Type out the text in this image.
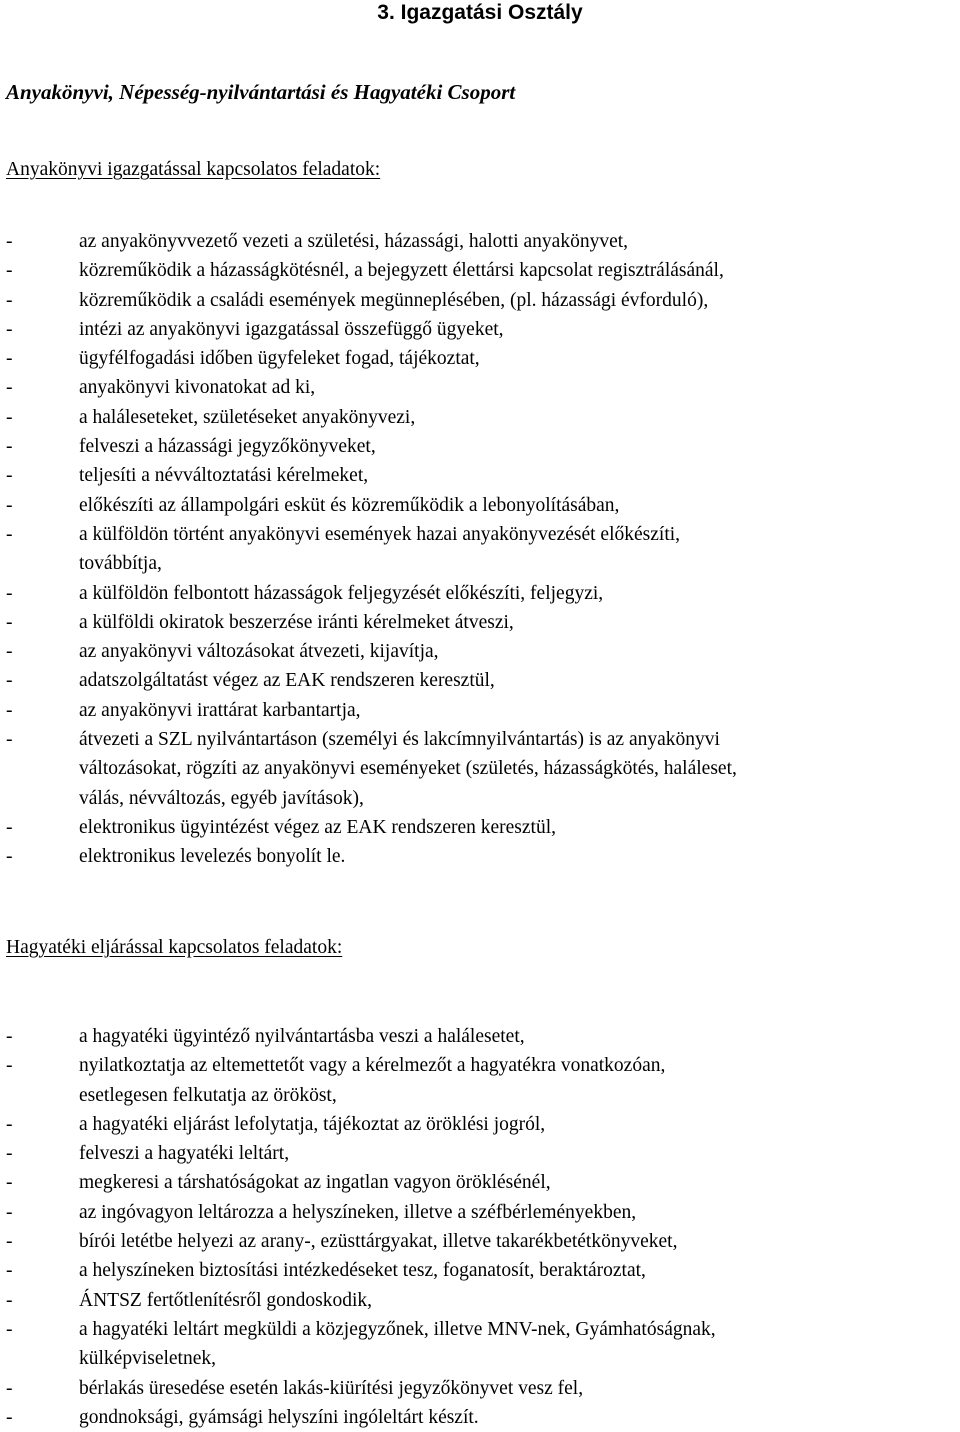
3. Igazgatási Osztály
Anyakönyvi, Népesség-nyilvántartási és Hagyatéki Csoport
Anyakönyvi igazgatással kapcsolatos feladatok:
-	az anyakönyvvezető vezeti a születési, házassági, halotti anyakönyvet,
-	közreműködik a házasságkötésnél, a bejegyzett élettársi kapcsolat regisztrálásánál,
-	közreműködik a családi események megünneplésében, (pl. házassági évforduló),
-	intézi az anyakönyvi igazgatással összefüggő ügyeket,
-	ügyfélfogadási időben ügyfeleket fogad, tájékoztat,
-	anyakönyvi kivonatokat ad ki,
-	a haláleseteket, születéseket anyakönyvezi,
-	felveszi a házassági jegyzőkönyveket,
-	teljesíti a névváltoztatási kérelmeket,
-	előkészíti az állampolgári esküt és közreműködik a lebonyolításában,
-	a külföldön történt anyakönyvi események hazai anyakönyvezését előkészíti,
továbbítja,
-	a külföldön felbontott házasságok feljegyzését előkészíti, feljegyzi,
-	a külföldi okiratok beszerzése iránti kérelmeket átveszi,
-	az anyakönyvi változásokat átvezeti, kijavítja,
-	adatszolgáltatást végez az EAK rendszeren keresztül,
-	az anyakönyvi irattárat karbantartja,
-	átvezeti a SZL nyilvántartáson (személyi és lakcímnyilvántartás) is az anyakönyvi
változásokat, rögzíti az anyakönyvi eseményeket (születés, házasságkötés, haláleset,
válás, névváltozás, egyéb javítások),
-	elektronikus ügyintézést végez az EAK rendszeren keresztül,
-	elektronikus levelezés bonyolít le.
Hagyatéki eljárással kapcsolatos feladatok:
-	a hagyatéki ügyintéző nyilvántartásba veszi a halálesetet,
-	nyilatkoztatja az eltemettetőt vagy a kérelmezőt a hagyatékra vonatkozóan,
esetlegesen felkutatja az örököst,
-	a hagyatéki eljárást lefolytatja, tájékoztat az öröklési jogról,
-	felveszi a hagyatéki leltárt,
-	megkeresi a társhatóságokat az ingatlan vagyon öröklésénél,
-	az ingóvagyon leltározza a helyszíneken, illetve a széfbérleményekben,
-	bírói letétbe helyezi az arany-, ezüsttárgyakat, illetve takarékbetétkönyveket,
-	a helyszíneken biztosítási intézkedéseket tesz, foganatosít, beraktároztat,
-	ÁNTSZ fertőtlenítésről gondoskodik,
-	a hagyatéki leltárt megküldi a közjegyzőnek, illetve MNV-nek, Gyámhatóságnak,
külképviseletnek,
-	bérlakás üresedése esetén lakás-kiürítési jegyzőkönyvet vesz fel,
-	gondnoksági, gyámsági helyszíni ingóleltárt készít.
